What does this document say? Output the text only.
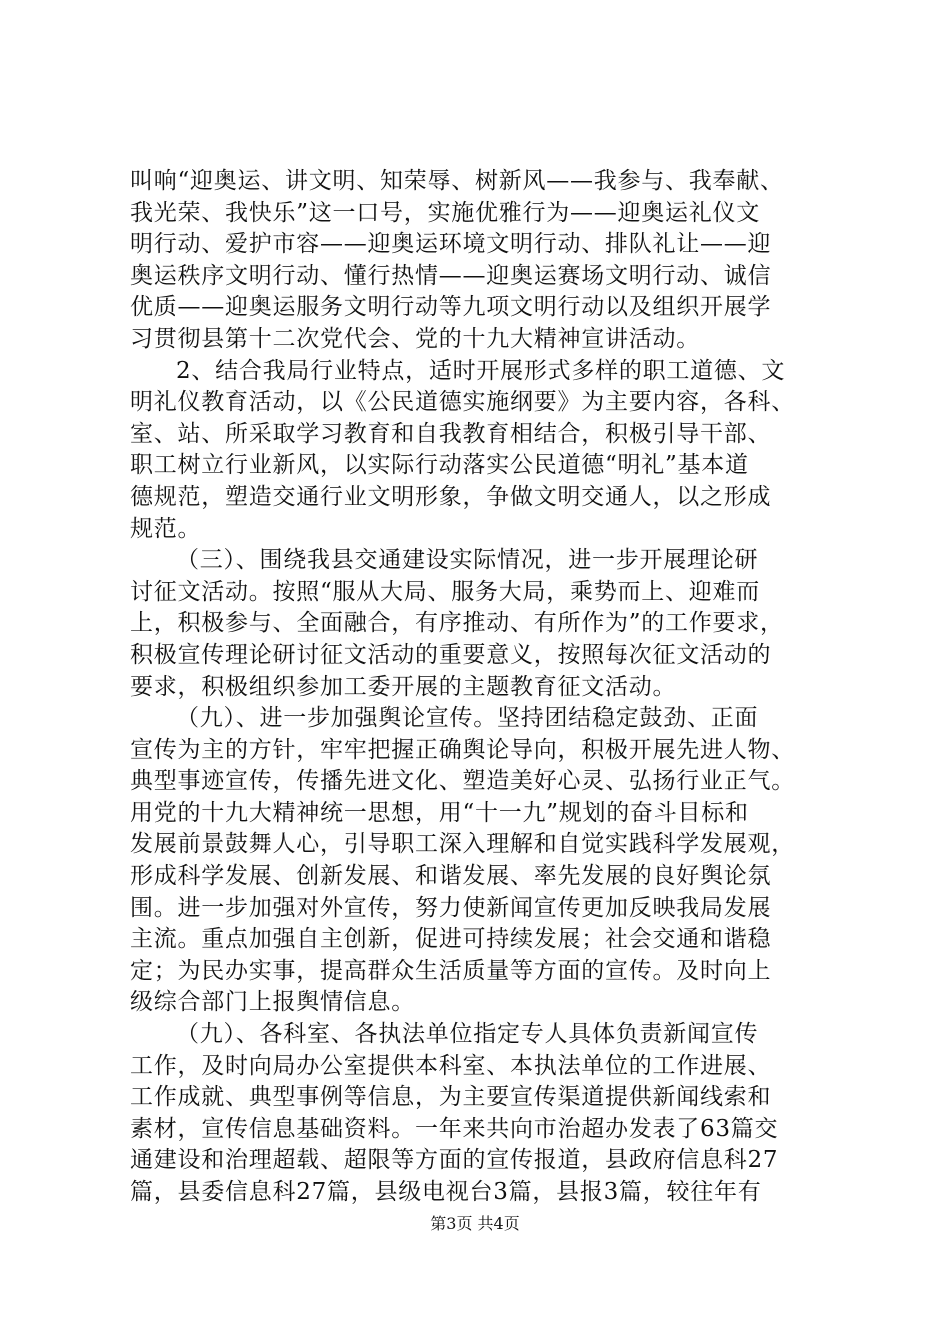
叫响“迎奥运、讲文明、知荣辱、树新风——我参与、我奉献、
我光荣、我快乐”这一口号，实施优雅行为——迎奥运礼仪文
明行动、爱护市容——迎奥运环境文明行动、排队礼让——迎
奥运秩序文明行动、懂行热情——迎奥运赛场文明行动、诚信
优质——迎奥运服务文明行动等九项文明行动以及组织开展学
习贯彻县第十二次党代会、党的十九大精神宣讲活动。
2、结合我局行业特点，适时开展形式多样的职工道德、文
明礼仪教育活动，以《公民道德实施纲要》为主要内容，各科、
室、站、所采取学习教育和自我教育相结合，积极引导干部、
职工树立行业新风，以实际行动落实公民道德“明礼”基本道
德规范，塑造交通行业文明形象，争做文明交通人，以之形成
规范。
（三）、围绕我县交通建设实际情况，进一步开展理论研
讨征文活动。按照“服从大局、服务大局，乘势而上、迎难而
上，积极参与、全面融合，有序推动、有所作为”的工作要求，
积极宣传理论研讨征文活动的重要意义，按照每次征文活动的
要求，积极组织参加工委开展的主题教育征文活动。
（九）、进一步加强舆论宣传。坚持团结稳定鼓劲、正面
宣传为主的方针，牢牢把握正确舆论导向，积极开展先进人物、
典型事迹宣传，传播先进文化、塑造美好心灵、弘扬行业正气。
用党的十九大精神统一思想，用“十一九”规划的奋斗目标和
发展前景鼓舞人心，引导职工深入理解和自觉实践科学发展观，
形成科学发展、创新发展、和谐发展、率先发展的良好舆论氛
围。进一步加强对外宣传，努力使新闻宣传更加反映我局发展
主流。重点加强自主创新，促进可持续发展；社会交通和谐稳
定；为民办实事，提高群众生活质量等方面的宣传。及时向上
级综合部门上报舆情信息。
（九）、各科室、各执法单位指定专人具体负责新闻宣传
工作，及时向局办公室提供本科室、本执法单位的工作进展、
工作成就、典型事例等信息，为主要宣传渠道提供新闻线索和
素材，宣传信息基础资料。一年来共向市治超办发表了63篇交
通建设和治理超载、超限等方面的宣传报道，县政府信息科27
篇，县委信息科27篇，县级电视台3篇，县报3篇，较往年有
第3页 共4页
